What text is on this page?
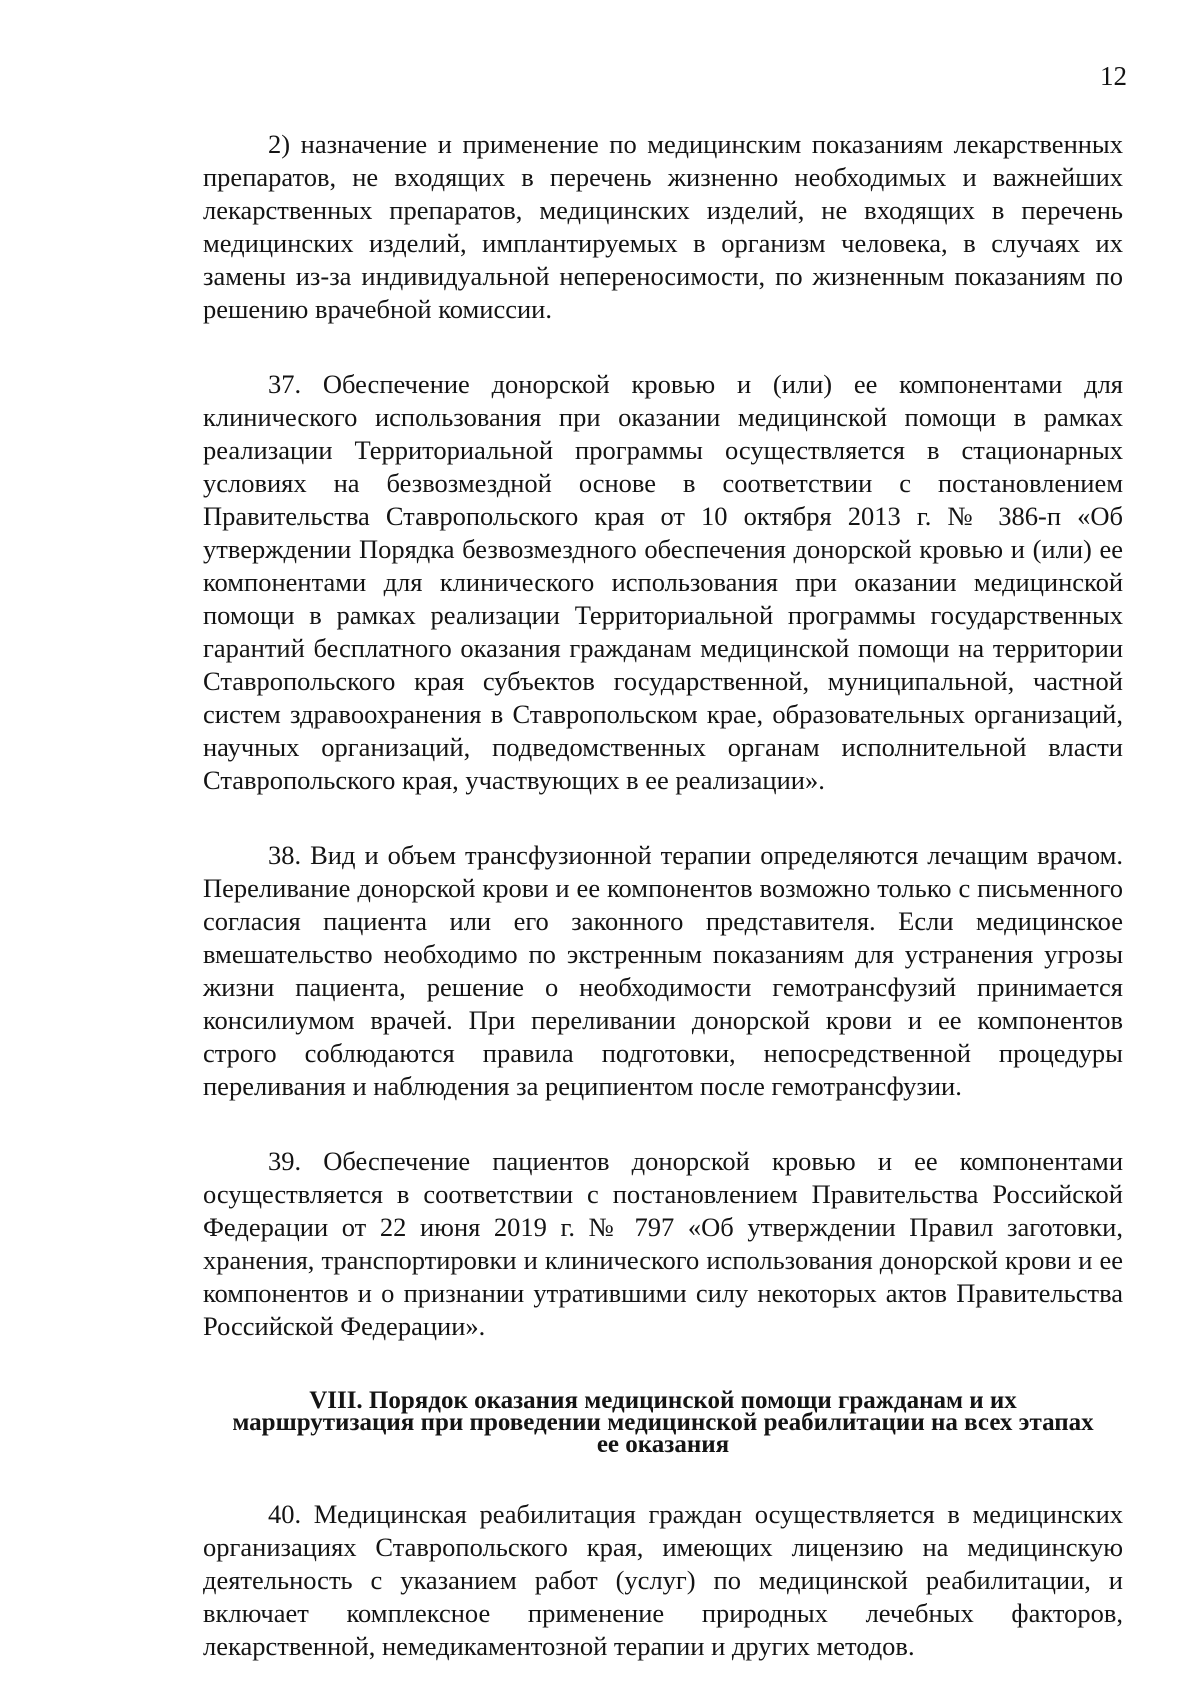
12

2) назначение и применение по медицинским показаниям лекарственных препаратов, не входящих в перечень жизненно необходимых и важнейших лекарственных препаратов, медицинских изделий, не входящих в перечень медицинских изделий, имплантируемых в организм человека, в случаях их замены из-за индивидуальной непереносимости, по жизненным показаниям по решению врачебной комиссии.

37. Обеспечение донорской кровью и (или) ее компонентами для клинического использования при оказании медицинской помощи в рамках реализации Территориальной программы осуществляется в стационарных условиях на безвозмездной основе в соответствии с постановлением Правительства Ставропольского края от 10 октября 2013 г. № 386-п «Об утверждении Порядка безвозмездного обеспечения донорской кровью и (или) ее компонентами для клинического использования при оказании медицинской помощи в рамках реализации Территориальной программы государственных гарантий бесплатного оказания гражданам медицинской помощи на территории Ставропольского края субъектов государственной, муниципальной, частной систем здравоохранения в Ставропольском крае, образовательных организаций, научных организаций, подведомственных органам исполнительной власти Ставропольского края, участвующих в ее реализации».

38. Вид и объем трансфузионной терапии определяются лечащим врачом. Переливание донорской крови и ее компонентов возможно только с письменного согласия пациента или его законного представителя. Если медицинское вмешательство необходимо по экстренным показаниям для устранения угрозы жизни пациента, решение о необходимости гемотрансфузий принимается консилиумом врачей. При переливании донорской крови и ее компонентов строго соблюдаются правила подготовки, непосредственной процедуры переливания и наблюдения за реципиентом после гемотрансфузии.

39. Обеспечение пациентов донорской кровью и ее компонентами осуществляется в соответствии с постановлением Правительства Российской Федерации от 22 июня 2019 г. № 797 «Об утверждении Правил заготовки, хранения, транспортировки и клинического использования донорской крови и ее компонентов и о признании утратившими силу некоторых актов Правительства Российской Федерации».

VIII. Порядок оказания медицинской помощи гражданам и их
маршрутизация при проведении медицинской реабилитации на всех этапах
ее оказания

40. Медицинская реабилитация граждан осуществляется в медицинских организациях Ставропольского края, имеющих лицензию на медицинскую деятельность с указанием работ (услуг) по медицинской реабилитации, и включает комплексное применение природных лечебных факторов, лекарственной, немедикаментозной терапии и других методов.
